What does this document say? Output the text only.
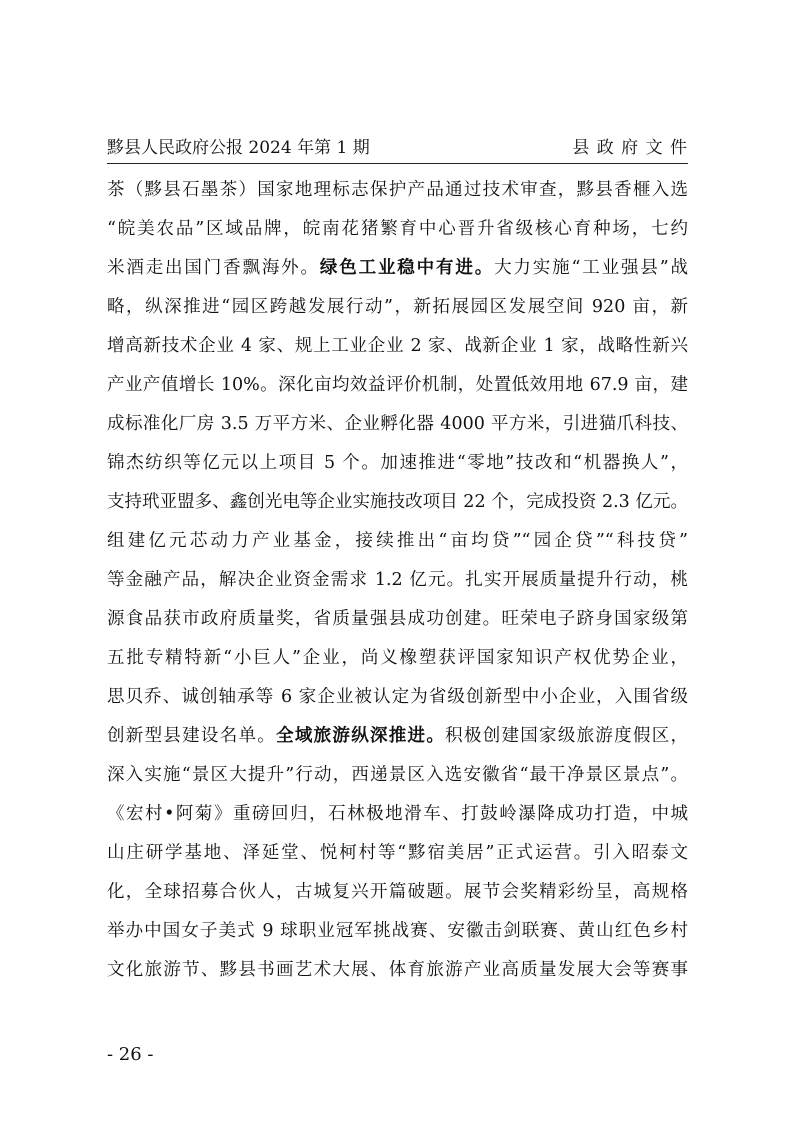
黟县人民政府公报 2024 年第 1 期	县 政 府 文 件
茶（黟县石墨茶）国家地理标志保护产品通过技术审查，黟县香榧入选
“皖美农品”区域品牌，皖南花猪繁育中心晋升省级核心育种场，七约
米酒走出国门香飘海外。绿色工业稳中有进。大力实施“工业强县”战
略，纵深推进“园区跨越发展行动”，新拓展园区发展空间 920 亩，新
增高新技术企业 4 家、规上工业企业 2 家、战新企业 1 家，战略性新兴
产业产值增长 10%。深化亩均效益评价机制，处置低效用地 67.9 亩，建
成标准化厂房 3.5 万平方米、企业孵化器 4000 平方米，引进猫爪科技、
锦杰纺织等亿元以上项目 5 个。加速推进“零地”技改和“机器换人”，
支持玳亚盟多、鑫创光电等企业实施技改项目 22 个，完成投资 2.3 亿元。
组建亿元芯动力产业基金，接续推出“亩均贷”“园企贷”“科技贷”
等金融产品，解决企业资金需求 1.2 亿元。扎实开展质量提升行动，桃
源食品获市政府质量奖，省质量强县成功创建。旺荣电子跻身国家级第
五批专精特新“小巨人”企业，尚义橡塑获评国家知识产权优势企业，
思贝乔、诚创轴承等 6 家企业被认定为省级创新型中小企业，入围省级
创新型县建设名单。全域旅游纵深推进。积极创建国家级旅游度假区，
深入实施“景区大提升”行动，西递景区入选安徽省“最干净景区景点”。
《宏村•阿菊》重磅回归，石林极地滑车、打鼓岭瀑降成功打造，中城
山庄研学基地、泽延堂、悦柯村等“黟宿美居”正式运营。引入昭泰文
化，全球招募合伙人，古城复兴开篇破题。展节会奖精彩纷呈，高规格
举办中国女子美式 9 球职业冠军挑战赛、安徽击剑联赛、黄山红色乡村
文化旅游节、黟县书画艺术大展、体育旅游产业高质量发展大会等赛事
- 26 -
